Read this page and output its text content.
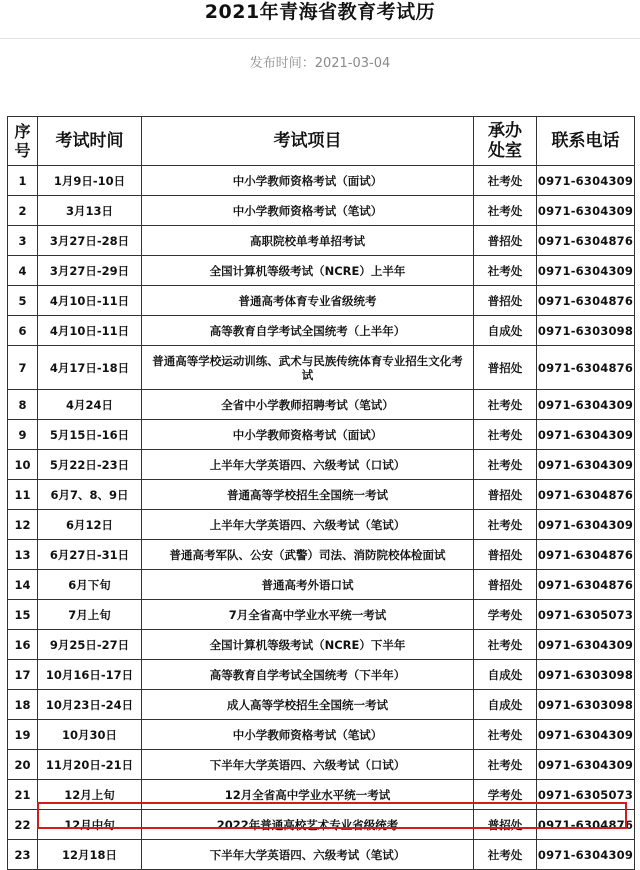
2021年青海省教育考试历
发布时间：2021-03-04
序号	考试时间	考试项目	承办处室	联系电话
1	1月9日-10日	中小学教师资格考试（面试）	社考处	0971-6304309
2	3月13日	中小学教师资格考试（笔试）	社考处	0971-6304309
3	3月27日-28日	高职院校单考单招考试	普招处	0971-6304876
4	3月27日-29日	全国计算机等级考试（NCRE）上半年	社考处	0971-6304309
5	4月10日-11日	普通高考体育专业省级统考	普招处	0971-6304876
6	4月10日-11日	高等教育自学考试全国统考（上半年）	自成处	0971-6303098
7	4月17日-18日	普通高等学校运动训练、武术与民族传统体育专业招生文化考试	普招处	0971-6304876
8	4月24日	全省中小学教师招聘考试（笔试）	社考处	0971-6304309
9	5月15日-16日	中小学教师资格考试（面试）	社考处	0971-6304309
10	5月22日-23日	上半年大学英语四、六级考试（口试）	社考处	0971-6304309
11	6月7、8、9日	普通高等学校招生全国统一考试	普招处	0971-6304876
12	6月12日	上半年大学英语四、六级考试（笔试）	社考处	0971-6304309
13	6月27日-31日	普通高考军队、公安（武警）司法、消防院校体检面试	普招处	0971-6304876
14	6月下旬	普通高考外语口试	普招处	0971-6304876
15	7月上旬	7月全省高中学业水平统一考试	学考处	0971-6305073
16	9月25日-27日	全国计算机等级考试（NCRE）下半年	社考处	0971-6304309
17	10月16日-17日	高等教育自学考试全国统考（下半年）	自成处	0971-6303098
18	10月23日-24日	成人高等学校招生全国统一考试	自成处	0971-6303098
19	10月30日	中小学教师资格考试（笔试）	社考处	0971-6304309
20	11月20日-21日	下半年大学英语四、六级考试（口试）	社考处	0971-6304309
21	12月上旬	12月全省高中学业水平统一考试	学考处	0971-6305073
22	12月中旬	2022年普通高校艺术专业省级统考	普招处	0971-6304876
23	12月18日	下半年大学英语四、六级考试（笔试）	社考处	0971-6304309
